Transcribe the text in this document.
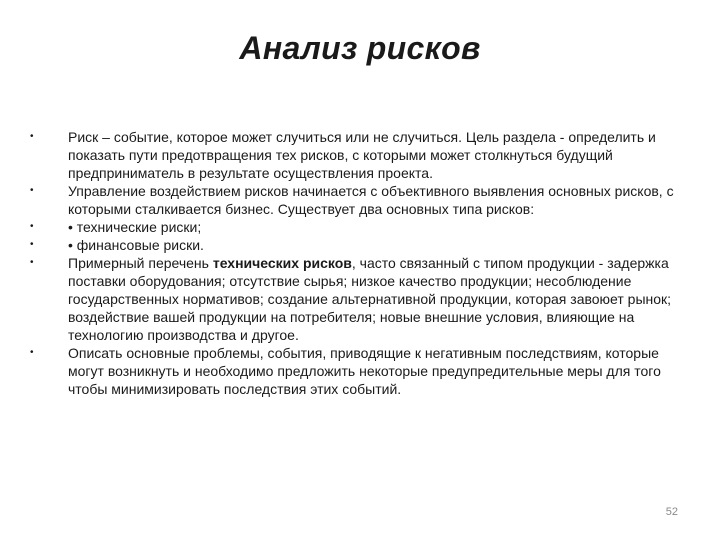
Анализ рисков
• Риск – событие, которое может случиться или не случиться. Цель раздела - определить и показать пути предотвращения тех рисков, с которыми может столкнуться будущий предприниматель в результате осуществления проекта.
• Управление воздействием рисков начинается с объективного выявления основных рисков, с которыми сталкивается бизнес. Существует два основных типа рисков:
• • технические риски;
• • финансовые риски.
• Примерный перечень технических рисков, часто связанный с типом продукции - задержка поставки оборудования; отсутствие сырья; низкое качество продукции; несоблюдение государственных нормативов; создание альтернативной продукции, которая завоюет рынок; воздействие вашей продукции на потребителя; новые внешние условия, влияющие на технологию производства и другое.
• Описать основные проблемы, события, приводящие к негативным последствиям, которые могут возникнуть и необходимо предложить некоторые предупредительные меры для того чтобы минимизировать последствия этих событий.
52
